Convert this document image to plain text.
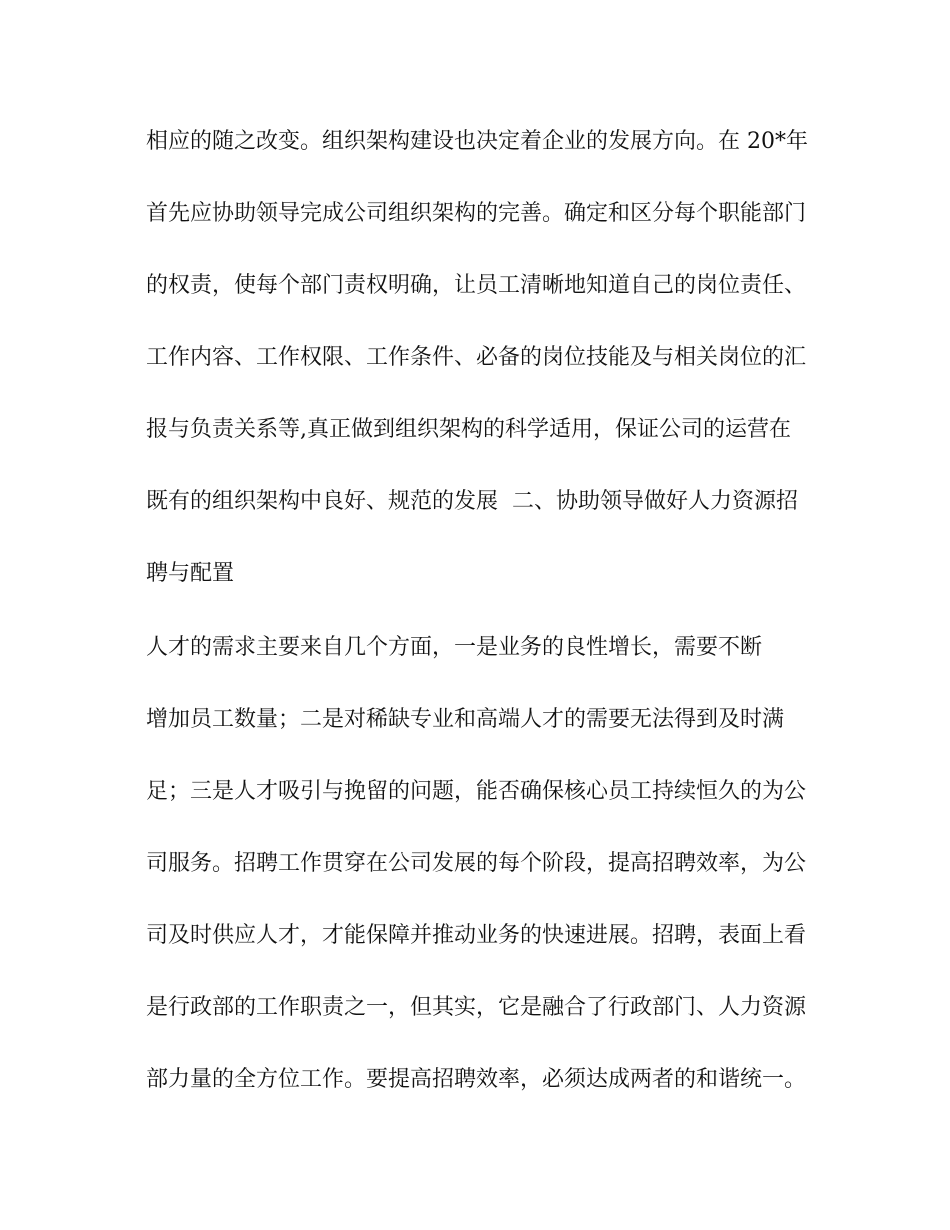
相应的随之改变。组织架构建设也决定着企业的发展方向。在 20*年
首先应协助领导完成公司组织架构的完善。确定和区分每个职能部门
的权责，使每个部门责权明确，让员工清晰地知道自己的岗位责任、
工作内容、工作权限、工作条件、必备的岗位技能及与相关岗位的汇
报与负责关系等,真正做到组织架构的科学适用，保证公司的运营在
既有的组织架构中良好、规范的发展  二、协助领导做好人力资源招
聘与配置
人才的需求主要来自几个方面，一是业务的良性增长，需要不断
增加员工数量；二是对稀缺专业和高端人才的需要无法得到及时满
足；三是人才吸引与挽留的问题，能否确保核心员工持续恒久的为公
司服务。招聘工作贯穿在公司发展的每个阶段，提高招聘效率，为公
司及时供应人才，才能保障并推动业务的快速进展。招聘，表面上看
是行政部的工作职责之一，但其实，它是融合了行政部门、人力资源
部力量的全方位工作。要提高招聘效率，必须达成两者的和谐统一。
